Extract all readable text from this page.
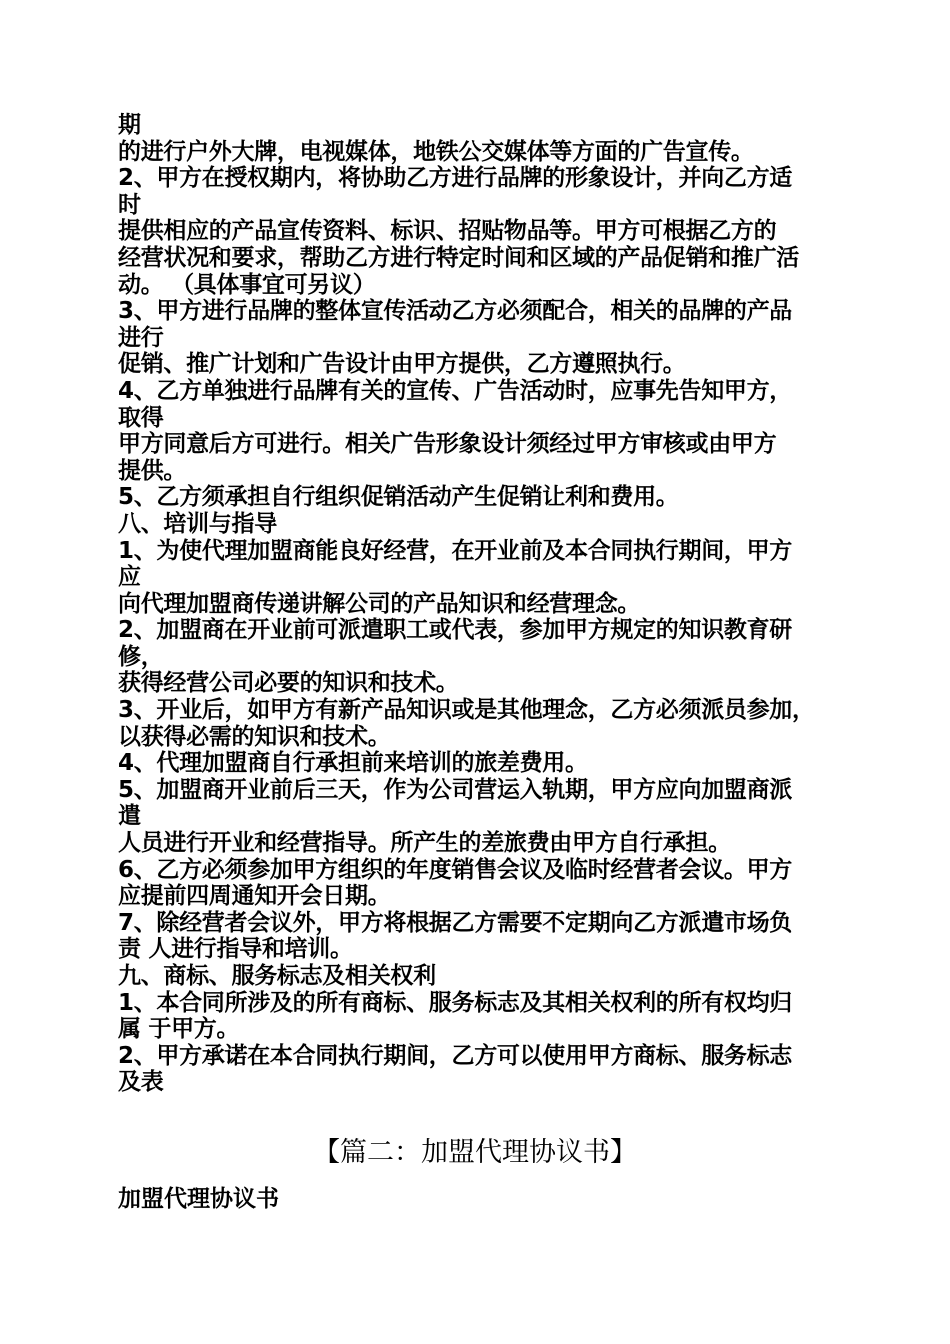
期
的进行户外大牌，电视媒体，地铁公交媒体等方面的广告宣传。
2、甲方在授权期内，将协助乙方进行品牌的形象设计，并向乙方适
时
提供相应的产品宣传资料、标识、招贴物品等。甲方可根据乙方的
经营状况和要求，帮助乙方进行特定时间和区域的产品促销和推广活
动。 （具体事宜可另议）
3、甲方进行品牌的整体宣传活动乙方必须配合，相关的品牌的产品
进行
促销、推广计划和广告设计由甲方提供，乙方遵照执行。
4、乙方单独进行品牌有关的宣传、广告活动时，应事先告知甲方，
取得
甲方同意后方可进行。相关广告形象设计须经过甲方审核或由甲方
提供。
5、乙方须承担自行组织促销活动产生促销让利和费用。
八、培训与指导
1、为使代理加盟商能良好经营，在开业前及本合同执行期间，甲方
应
向代理加盟商传递讲解公司的产品知识和经营理念。
2、加盟商在开业前可派遣职工或代表，参加甲方规定的知识教育研
修，
获得经营公司必要的知识和技术。
3、开业后，如甲方有新产品知识或是其他理念，乙方必须派员参加，
以获得必需的知识和技术。
4、代理加盟商自行承担前来培训的旅差费用。
5、加盟商开业前后三天，作为公司营运入轨期，甲方应向加盟商派
遣
人员进行开业和经营指导。所产生的差旅费由甲方自行承担。
6、乙方必须参加甲方组织的年度销售会议及临时经营者会议。甲方
应提前四周通知开会日期。
7、除经营者会议外，甲方将根据乙方需要不定期向乙方派遣市场负
责 人进行指导和培训。
九、商标、服务标志及相关权利
1、本合同所涉及的所有商标、服务标志及其相关权利的所有权均归
属 于甲方。
2、甲方承诺在本合同执行期间，乙方可以使用甲方商标、服务标志
及表
【篇二：加盟代理协议书】
加盟代理协议书
